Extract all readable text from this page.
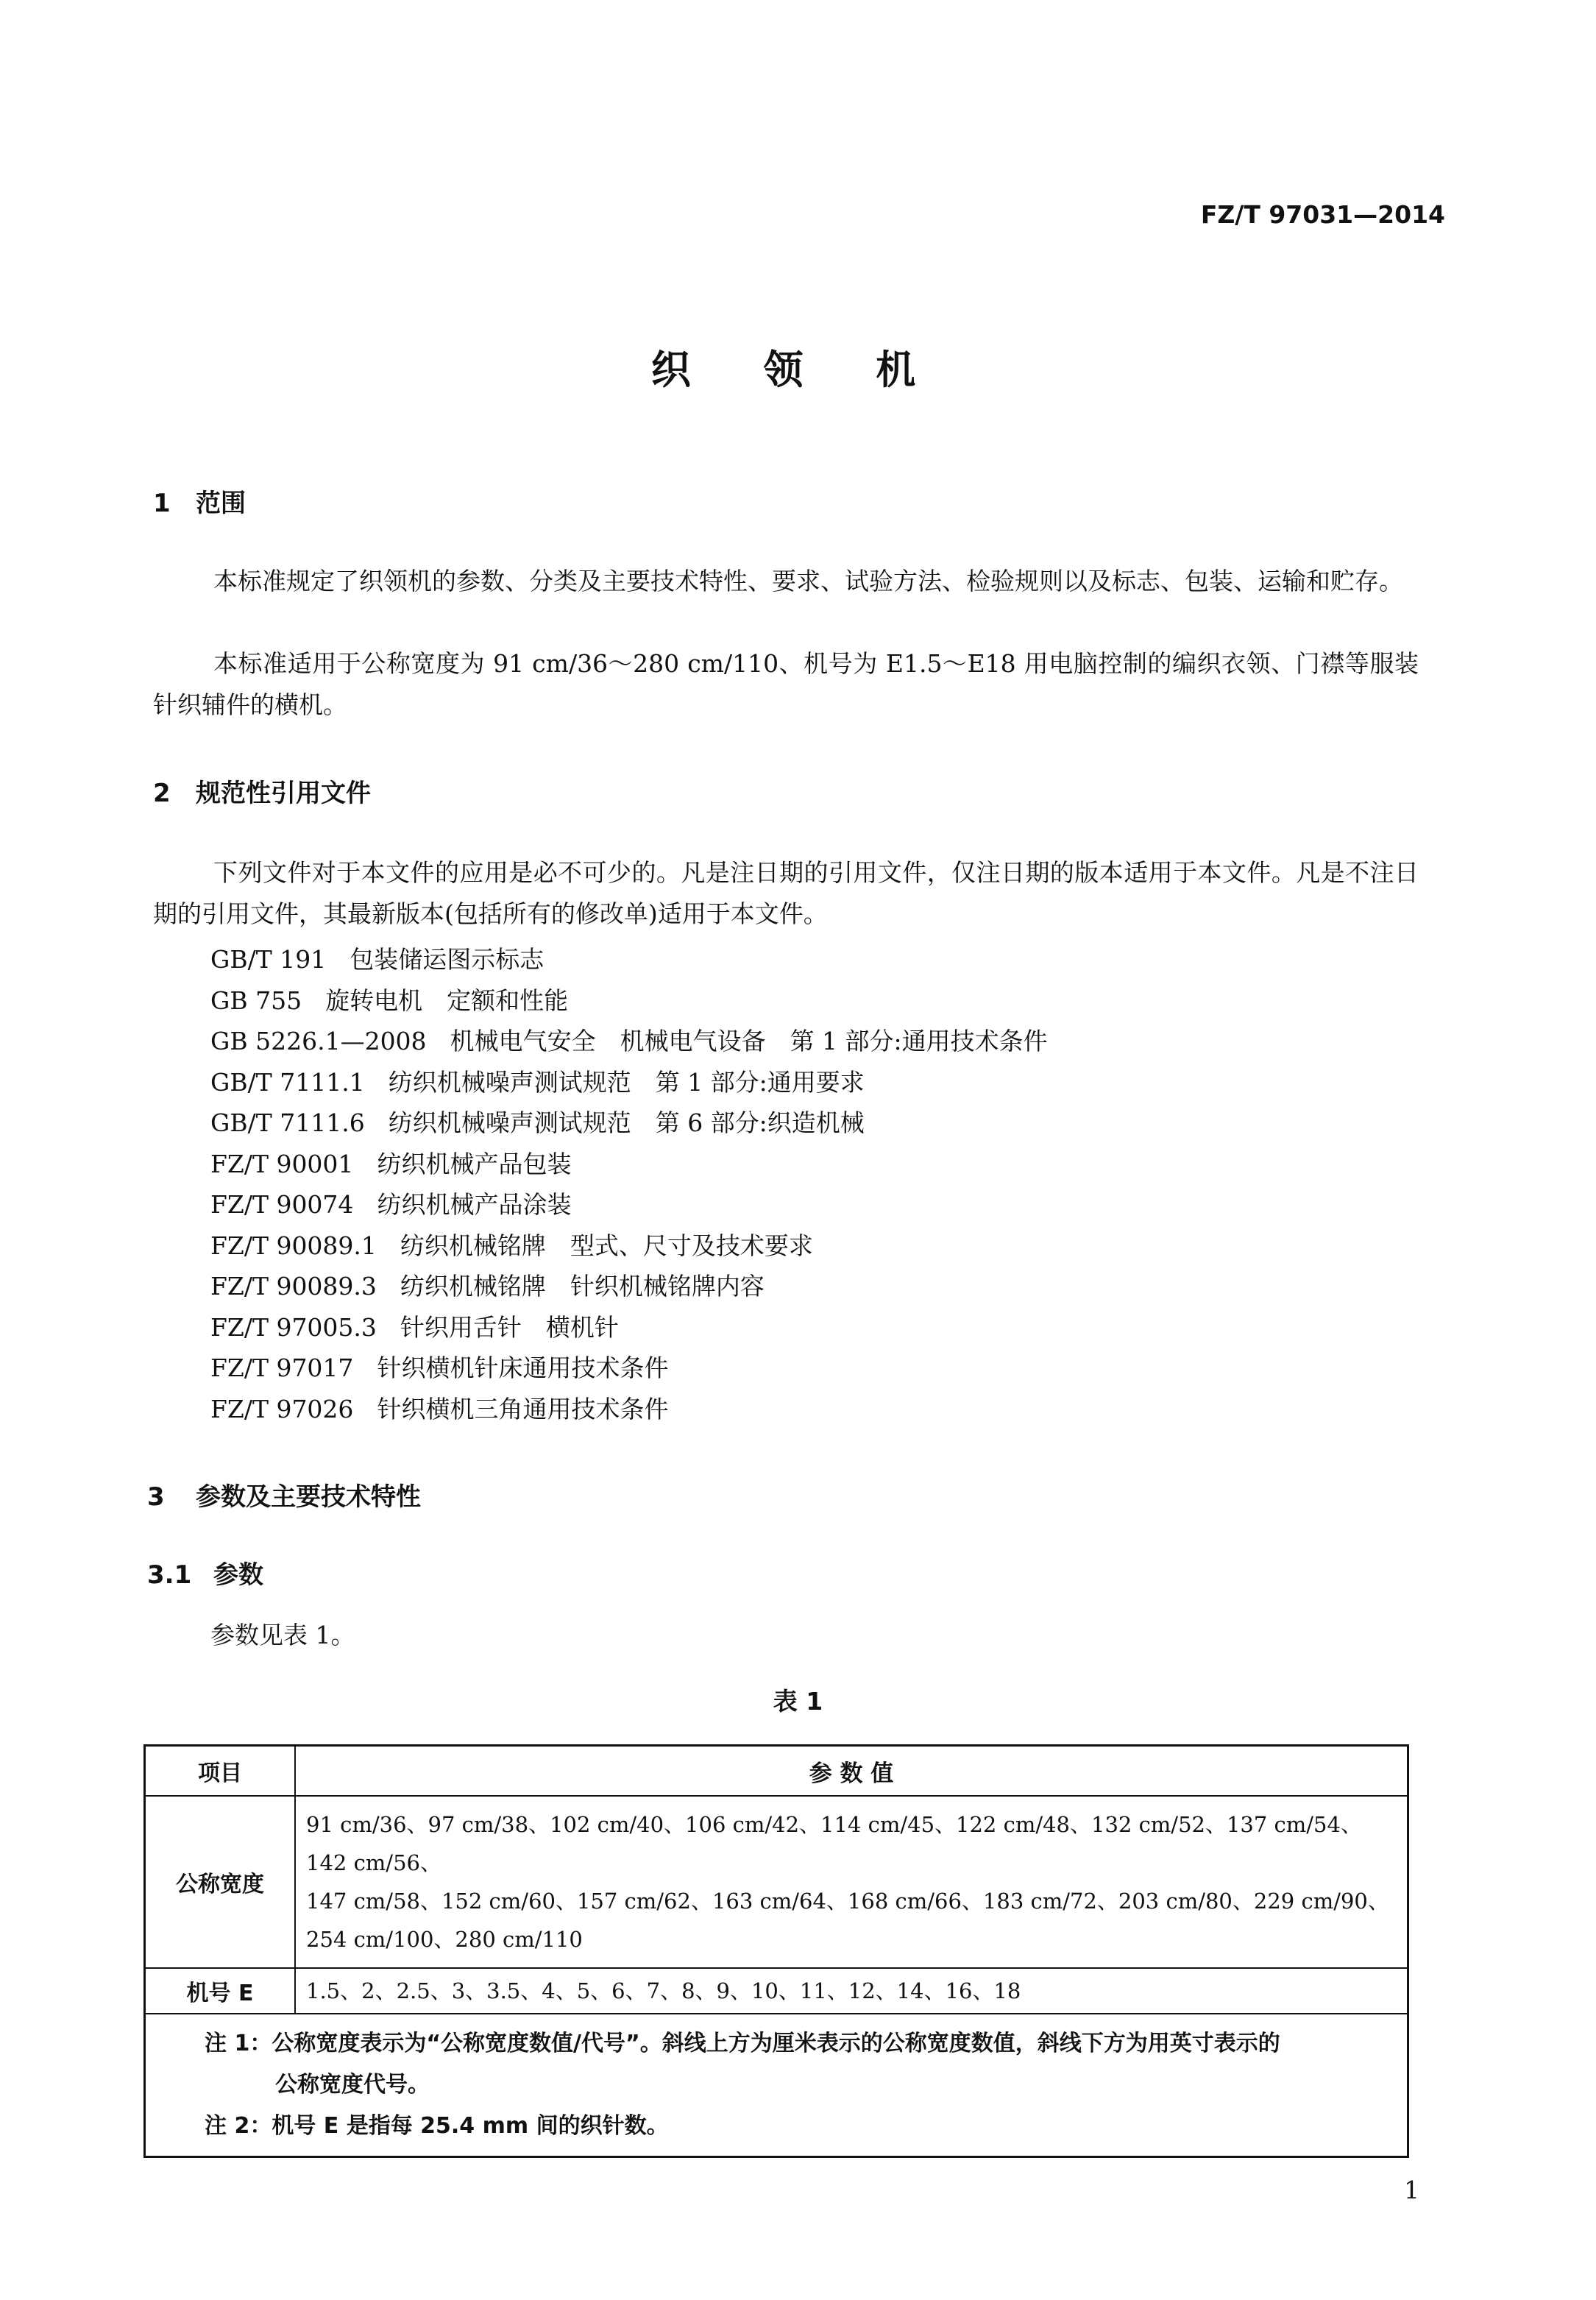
FZ/T 97031—2014
织 领 机
1 范围
本标准规定了织领机的参数、分类及主要技术特性、要求、试验方法、检验规则以及标志、包装、运输和贮存。
本标准适用于公称宽度为 91 cm/36～280 cm/110、机号为 E1.5～E18 用电脑控制的编织衣领、门襟等服装针织辅件的横机。
2 规范性引用文件
下列文件对于本文件的应用是必不可少的。凡是注日期的引用文件，仅注日期的版本适用于本文件。凡是不注日期的引用文件，其最新版本(包括所有的修改单)适用于本文件。
GB/T 191 包装储运图示标志
GB 755 旋转电机　定额和性能
GB 5226.1—2008 机械电气安全　机械电气设备　第 1 部分:通用技术条件
GB/T 7111.1 纺织机械噪声测试规范　第 1 部分:通用要求
GB/T 7111.6 纺织机械噪声测试规范　第 6 部分:织造机械
FZ/T 90001 纺织机械产品包装
FZ/T 90074 纺织机械产品涂装
FZ/T 90089.1 纺织机械铭牌　型式、尺寸及技术要求
FZ/T 90089.3 纺织机械铭牌　针织机械铭牌内容
FZ/T 97005.3 针织用舌针　横机针
FZ/T 97017 针织横机针床通用技术条件
FZ/T 97026 针织横机三角通用技术条件
3 参数及主要技术特性
3.1 参数
参数见表 1。
表 1
项目	参 数 值
公称宽度	91 cm/36、97 cm/38、102 cm/40、106 cm/42、114 cm/45、122 cm/48、132 cm/52、137 cm/54、142 cm/56、
147 cm/58、152 cm/60、157 cm/62、163 cm/64、168 cm/66、183 cm/72、203 cm/80、229 cm/90、
254 cm/100、280 cm/110

机号 E	1.5、2、2.5、3、3.5、4、5、6、7、8、9、10、11、12、14、16、18

注 1：公称宽度表示为“公称宽度数值/代号”。斜线上方为厘米表示的公称宽度数值，斜线下方为用英寸表示的
公称宽度代号。
注 2：机号 E 是指每 25.4 mm 间的织针数。	
1
